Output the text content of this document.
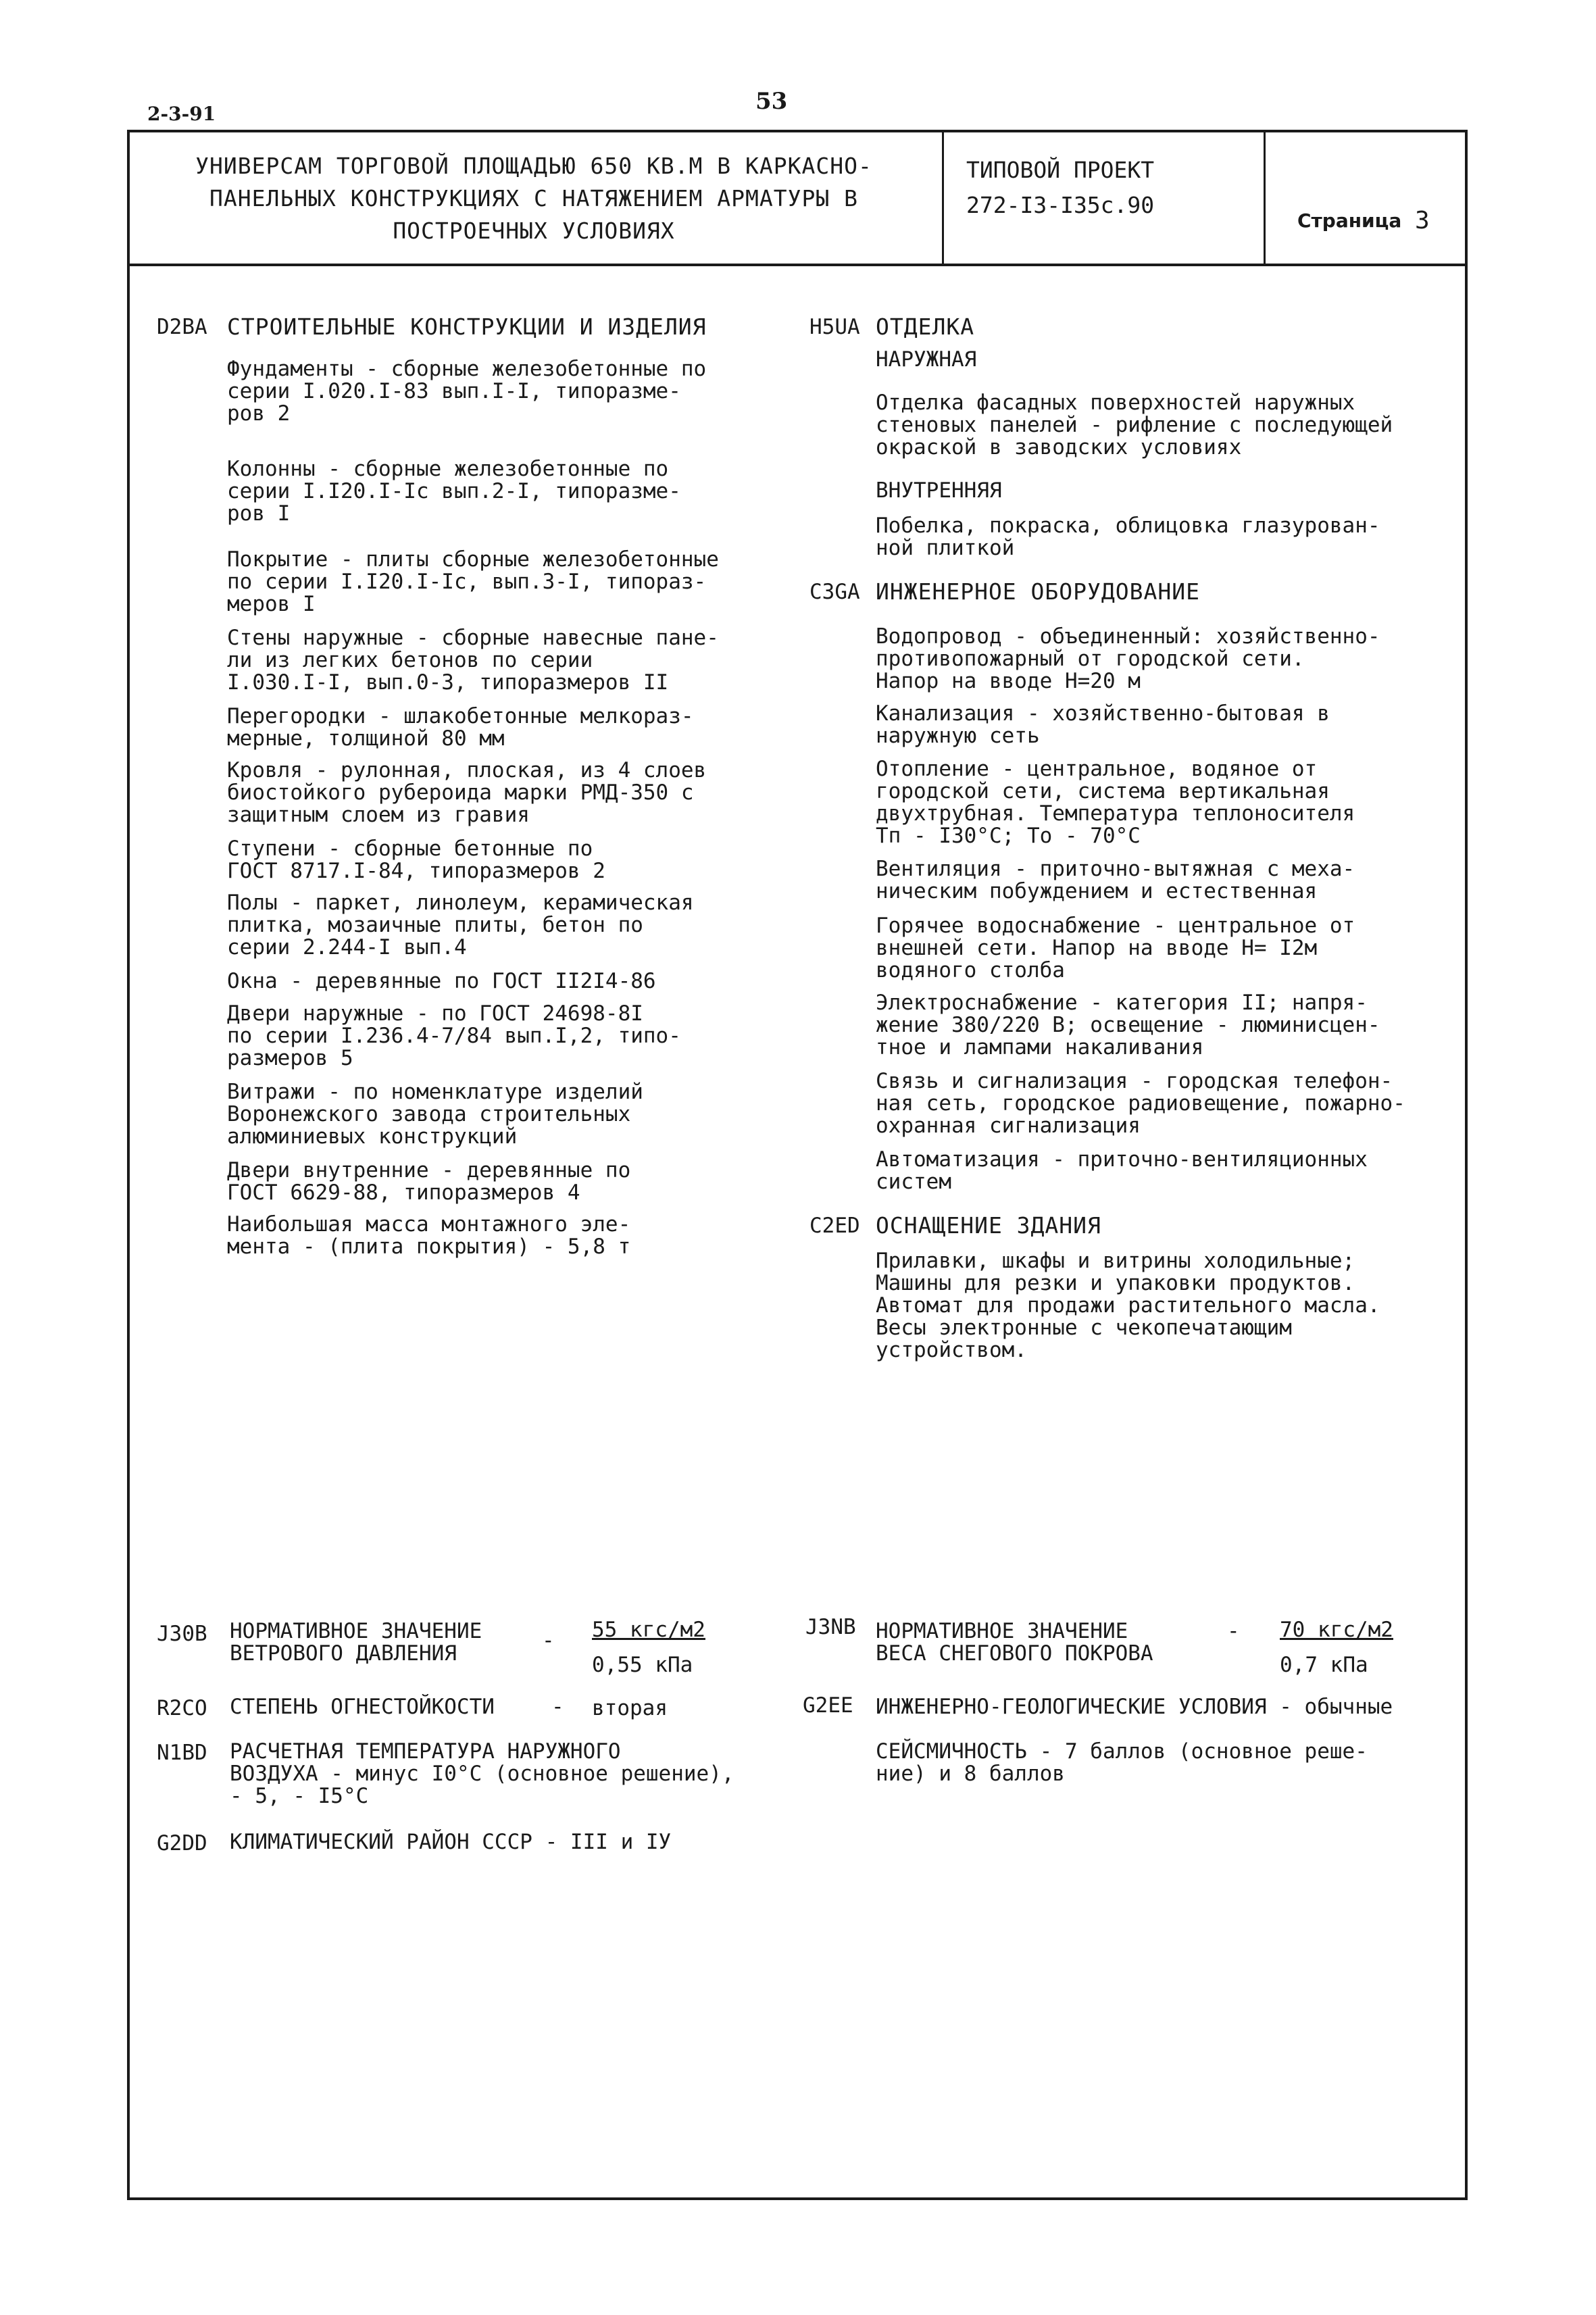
2-3-91	53
УНИВЕРСАМ ТОРГОВОЙ ПЛОЩАДЬЮ 650 КВ.М В КАРКАСНО-
ПАНЕЛЬНЫХ КОНСТРУКЦИЯХ С НАТЯЖЕНИЕМ АРМАТУРЫ В
ПОСТРОЕЧНЫХ УСЛОВИЯХ
ТИПОВОЙ ПРОЕКТ
272-I3-I35с.90
Страница 3
D2BA СТРОИТЕЛЬНЫЕ КОНСТРУКЦИИ И ИЗДЕЛИЯ
Фундаменты - сборные железобетонные по
серии I.020.I-83 вып.I-I, типоразме-
ров 2
Колонны - сборные железобетонные по
серии I.I20.I-Iс вып.2-I, типоразме-
ров I
Покрытие - плиты сборные железобетонные
по серии I.I20.I-Iс, вып.3-I, типораз-
меров I
Стены наружные - сборные навесные пане-
ли из легких бетонов по серии
I.030.I-I, вып.0-3, типоразмеров II
Перегородки - шлакобетонные мелкораз-
мерные, толщиной 80 мм
Кровля - рулонная, плоская, из 4 слоев
биостойкого рубероида марки РМД-350 с
защитным слоем из гравия
Ступени - сборные бетонные по
ГОСТ 8717.I-84, типоразмеров 2
Полы - паркет, линолеум, керамическая
плитка, мозаичные плиты, бетон по
серии 2.244-I вып.4
Окна - деревянные по ГОСТ II2I4-86
Двери наружные - по ГОСТ 24698-8I
по серии I.236.4-7/84 вып.I,2, типо-
размеров 5
Витражи - по номенклатуре изделий
Воронежского завода строительных
алюминиевых конструкций
Двери внутренние - деревянные по
ГОСТ 6629-88, типоразмеров 4
Наибольшая масса монтажного эле-
мента - (плита покрытия) - 5,8 т
H5UA ОТДЕЛКА
НАРУЖНАЯ
Отделка фасадных поверхностей наружных
стеновых панелей - рифление с последующей
окраской в заводских условиях
ВНУТРЕННЯЯ
Побелка, покраска, облицовка глазурован-
ной плиткой
C3GA ИНЖЕНЕРНОЕ ОБОРУДОВАНИЕ
Водопровод - объединенный: хозяйственно-
противопожарный от городской сети.
Напор на вводе Н=20 м
Канализация - хозяйственно-бытовая в
наружную сеть
Отопление - центральное, водяное от
городской сети, система вертикальная
двухтрубная. Температура теплоносителя
Тп - I30°С; То - 70°С
Вентиляция - приточно-вытяжная с меха-
ническим побуждением и естественная
Горячее водоснабжение - центральное от
внешней сети. Напор на вводе Н= I2м
водяного столба
Электроснабжение - категория II; напря-
жение 380/220 В; освещение - люминисцен-
тное и лампами накаливания
Связь и сигнализация - городская телефон-
ная сеть, городское радиовещение, пожарно-
охранная сигнализация
Автоматизация - приточно-вентиляционных
систем
C2ED ОСНАЩЕНИЕ ЗДАНИЯ
Прилавки, шкафы и витрины холодильные;
Машины для резки и упаковки продуктов.
Автомат для продажи растительного масла.
Весы электронные с чекопечатающим
устройством.
J30B НОРМАТИВНОЕ ЗНАЧЕНИЕ
ВЕТРОВОГО ДАВЛЕНИЯ
- 55 кгс/м2
0,55 кПа
J3NB НОРМАТИВНОЕ ЗНАЧЕНИЕ
ВЕСА СНЕГОВОГО ПОКРОВА
- 70 кгс/м2
0,7 кПа
R2CO СТЕПЕНЬ ОГНЕСТОЙКОСТИ	- вторая	G2EE ИНЖЕНЕРНО-ГЕОЛОГИЧЕСКИЕ УСЛОВИЯ - обычные
N1BD РАСЧЕТНАЯ ТЕМПЕРАТУРА НАРУЖНОГО
ВОЗДУХА - минус I0°С (основное решение),
- 5, - I5°С
СЕЙСМИЧНОСТЬ - 7 баллов (основное реше-
ние) и 8 баллов
G2DD КЛИМАТИЧЕСКИЙ РАЙОН СССР - III и IУ
